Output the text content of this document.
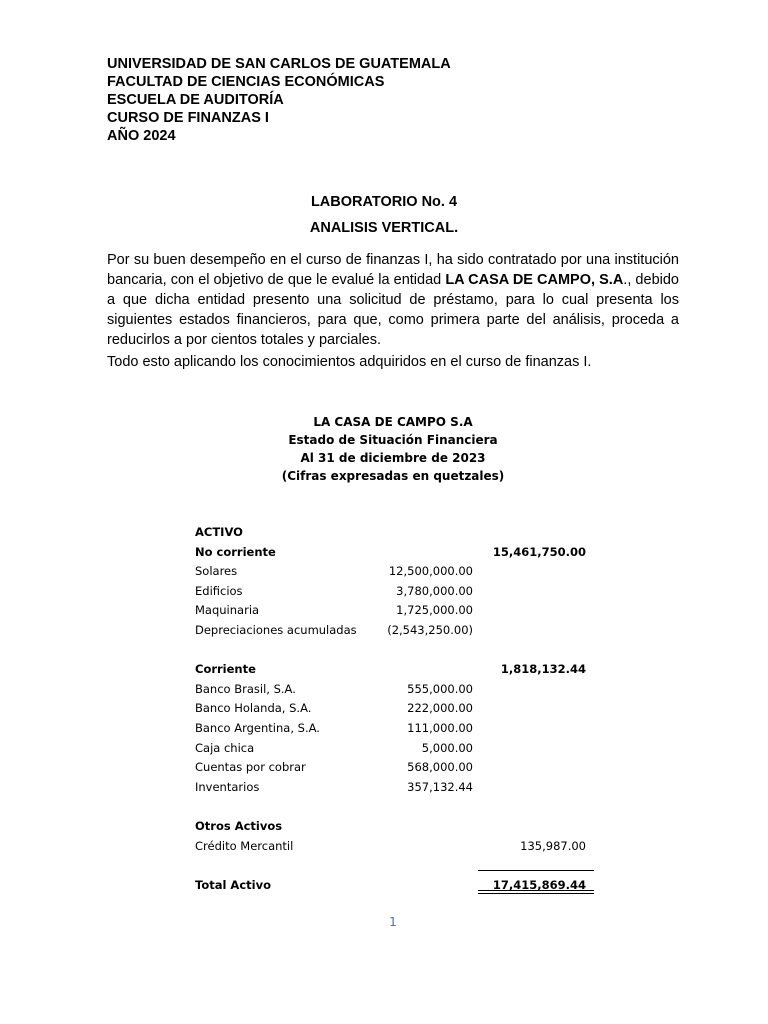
UNIVERSIDAD DE SAN CARLOS DE GUATEMALA
FACULTAD DE CIENCIAS ECONÓMICAS
ESCUELA DE AUDITORÍA
CURSO DE FINANZAS I
AÑO 2024
LABORATORIO No. 4
ANALISIS VERTICAL.

Por su buen desempeño en el curso de finanzas I, ha sido contratado por una institución bancaria, con el objetivo de que le evalué la entidad LA CASA DE CAMPO, S.A., debido a que dicha entidad presento una solicitud de préstamo, para lo cual presenta los siguientes estados financieros, para que, como primera parte del análisis, proceda a reducirlos a por cientos totales y parciales.

Todo esto aplicando los conocimientos adquiridos en el curso de finanzas I.

LA CASA DE CAMPO S.A
Estado de Situación Financiera
Al 31 de diciembre de 2023
(Cifras expresadas en quetzales)
ACTIVO
No corriente	15,461,750.00
Solares	12,500,000.00
Edificios	3,780,000.00
Maquinaria	1,725,000.00
Depreciaciones acumuladas	(2,543,250.00)
Corriente	1,818,132.44
Banco Brasil, S.A.	555,000.00
Banco Holanda, S.A.	222,000.00
Banco Argentina, S.A.	111,000.00
Caja chica	5,000.00
Cuentas por cobrar	568,000.00
Inventarios	357,132.44
Otros Activos
Crédito Mercantil	135,987.00
Total Activo	17,415,869.44
1
